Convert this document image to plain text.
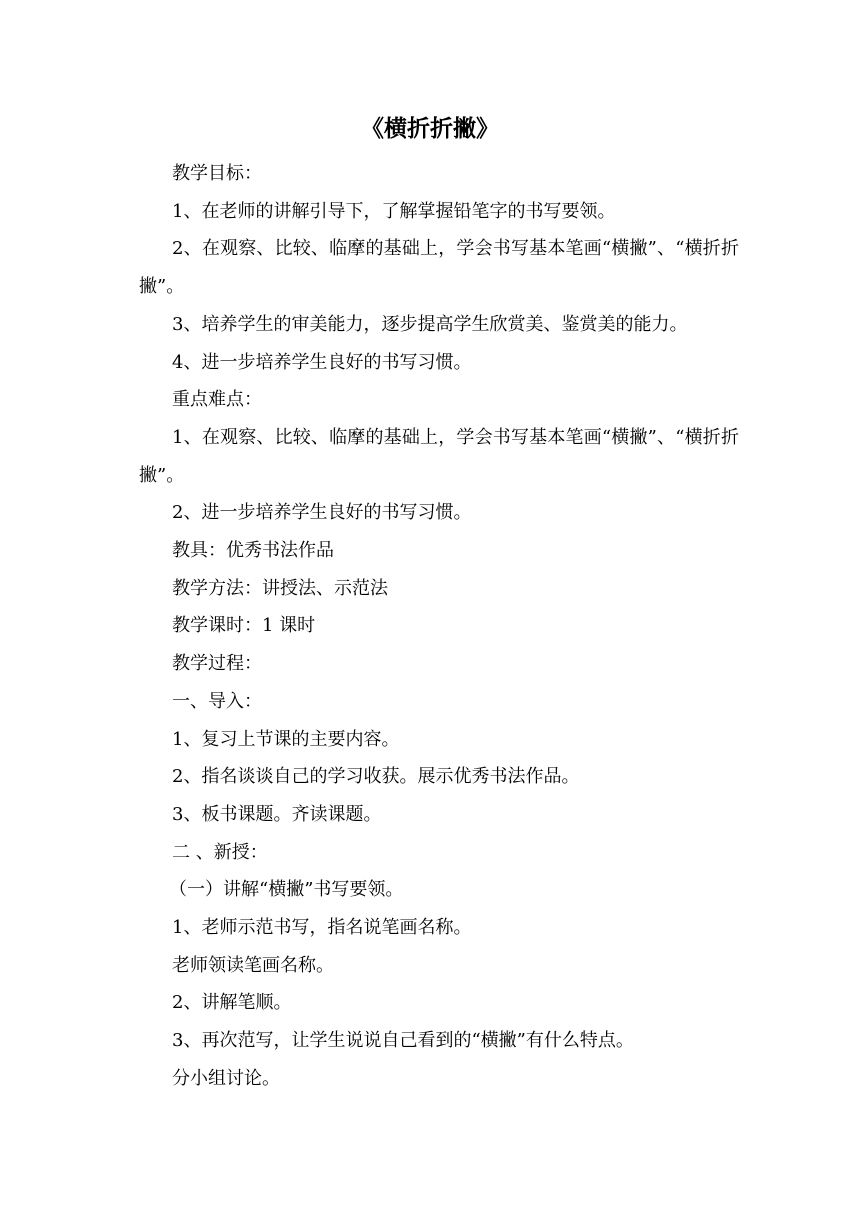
《横折折撇》

教学目标：

1、在老师的讲解引导下，了解掌握铅笔字的书写要领。

2、在观察、比较、临摩的基础上，学会书写基本笔画“横撇”、“横折折撇”。

3、培养学生的审美能力，逐步提高学生欣赏美、鉴赏美的能力。

4、进一步培养学生良好的书写习惯。

重点难点：

1、在观察、比较、临摩的基础上，学会书写基本笔画“横撇”、“横折折撇”。

2、进一步培养学生良好的书写习惯。

教具：优秀书法作品

教学方法：讲授法、示范法

教学课时：1 课时

教学过程：

一、导入：

1、复习上节课的主要内容。

2、指名谈谈自己的学习收获。展示优秀书法作品。

3、板书课题。齐读课题。

二 、新授：

（一）讲解“横撇”书写要领。

1、老师示范书写，指名说笔画名称。

老师领读笔画名称。

2、讲解笔顺。

3、再次范写，让学生说说自己看到的“横撇”有什么特点。

分小组讨论。
